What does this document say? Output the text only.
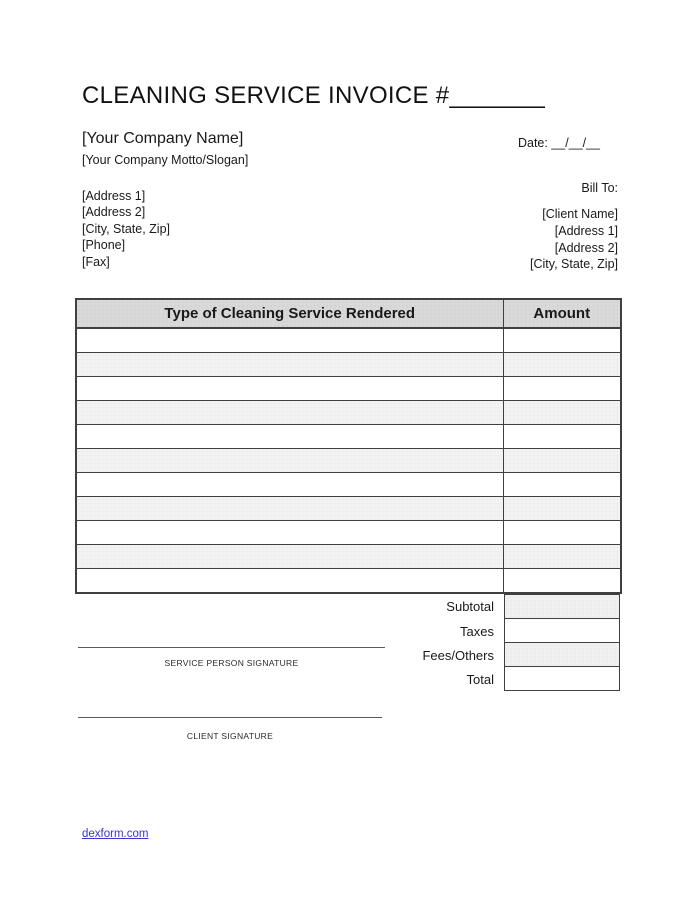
CLEANING SERVICE INVOICE #_______
[Your Company Name]
[Your Company Motto/Slogan]
Date: __/__/__
[Address 1]
[Address 2]
[City, State, Zip]
[Phone]
[Fax]
Bill To:
[Client Name]
[Address 1]
[Address 2]
[City, State, Zip]
Type of Cleaning Service Rendered	Amount

Subtotal
Taxes
Fees/Others
Total
SERVICE PERSON SIGNATURE
CLIENT SIGNATURE
dexform.com
